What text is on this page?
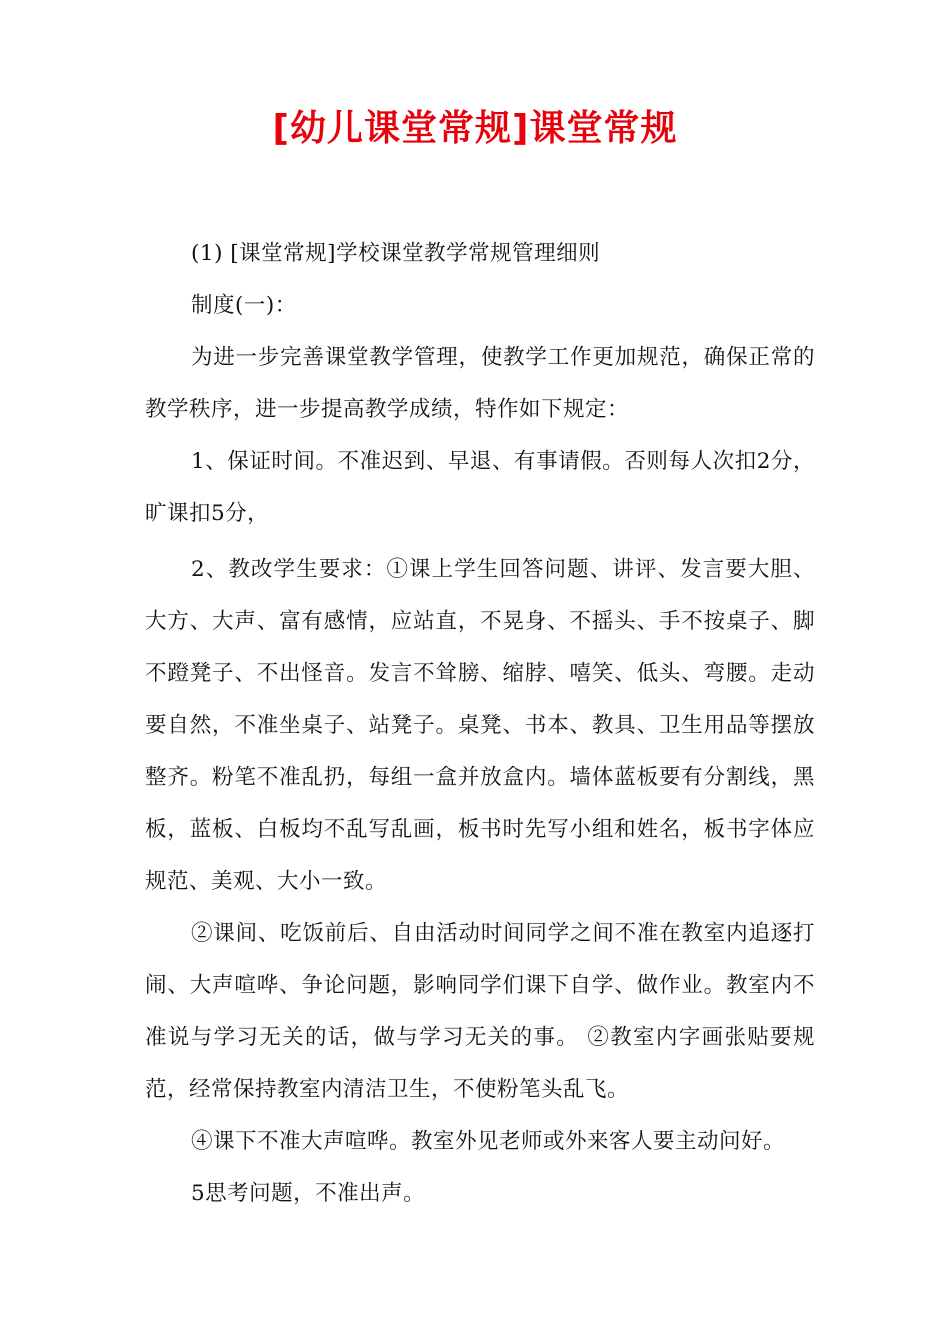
[幼儿课堂常规]课堂常规

(1) [课堂常规]学校课堂教学常规管理细则

制度(一)：

为进一步完善课堂教学管理，使教学工作更加规范，确保正常的教学秩序，进一步提高教学成绩，特作如下规定：

1、保证时间。不准迟到、早退、有事请假。否则每人次扣2分，旷课扣5分，

2、教改学生要求：①课上学生回答问题、讲评、发言要大胆、大方、大声、富有感情，应站直，不晃身、不摇头、手不按桌子、脚不蹬凳子、不出怪音。发言不耸膀、缩脖、嘻笑、低头、弯腰。走动要自然，不准坐桌子、站凳子。桌凳、书本、教具、卫生用品等摆放整齐。粉笔不准乱扔，每组一盒并放盒内。墙体蓝板要有分割线，黑板，蓝板、白板均不乱写乱画，板书时先写小组和姓名，板书字体应规范、美观、大小一致。

②课间、吃饭前后、自由活动时间同学之间不准在教室内追逐打闹、大声喧哗、争论问题，影响同学们课下自学、做作业。教室内不准说与学习无关的话，做与学习无关的事。 ②教室内字画张贴要规范，经常保持教室内清洁卫生，不使粉笔头乱飞。

④课下不准大声喧哗。教室外见老师或外来客人要主动问好。

5思考问题，不准出声。
